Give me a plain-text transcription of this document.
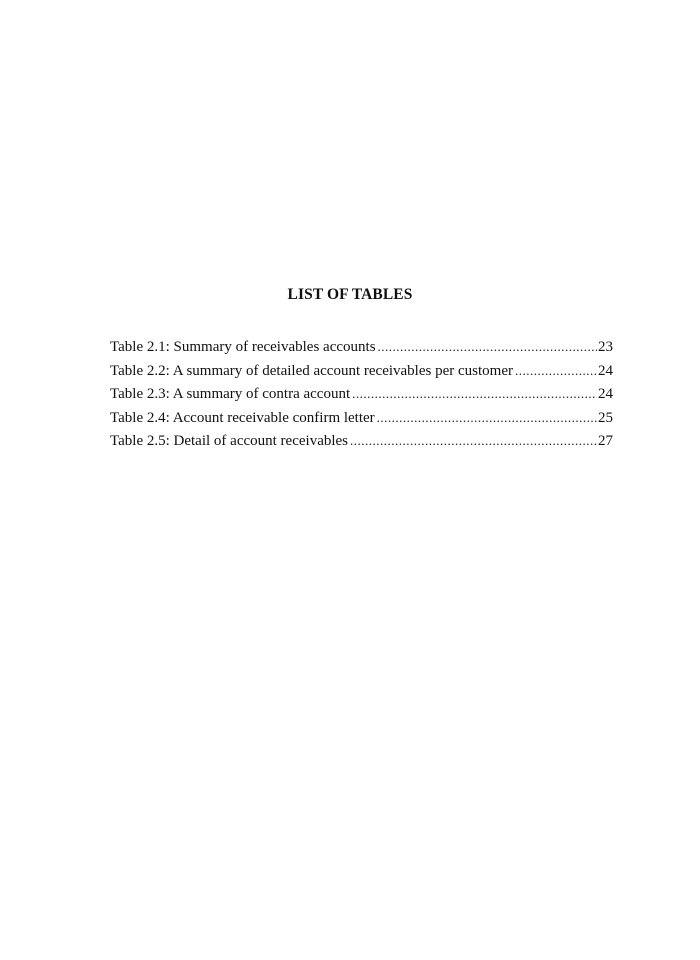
LIST OF TABLES
Table 2.1: Summary of receivables accounts .....	23
Table 2.2: A summary of detailed account receivables per customer .....	24
Table 2.3: A summary of contra account .....	24
Table 2.4: Account receivable confirm letter .....	25
Table 2.5: Detail of account receivables .....	27
